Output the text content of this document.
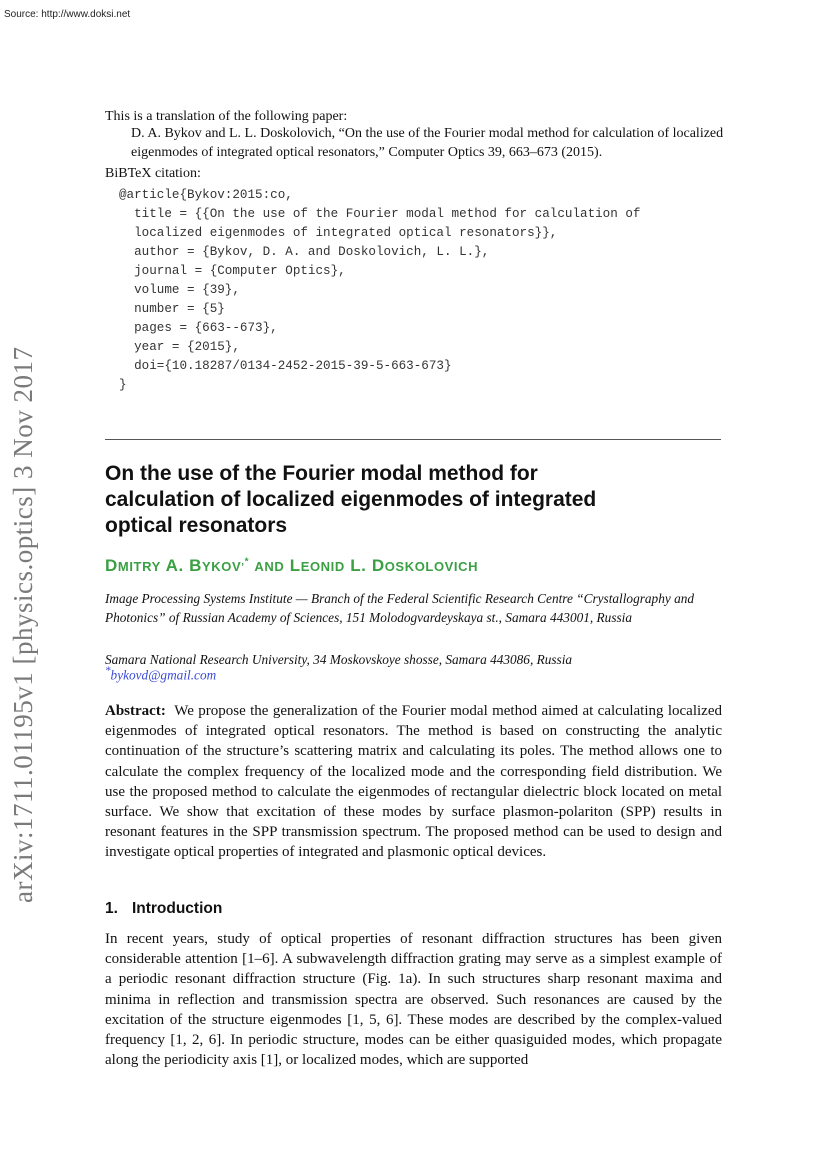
Source: http://www.doksi.net
arXiv:1711.01195v1 [physics.optics] 3 Nov 2017
This is a translation of the following paper:
D. A. Bykov and L. L. Doskolovich, “On the use of the Fourier modal method for calculation of localized eigenmodes of integrated optical resonators,” Computer Optics 39, 663–673 (2015).
BiBTeX citation:
@article{Bykov:2015:co,
title = {{On the use of the Fourier modal method for calculation of
localized eigenmodes of integrated optical resonators}},
author = {Bykov, D. A. and Doskolovich, L. L.},
journal = {Computer Optics},
volume = {39},
number = {5}
pages = {663--673},
year = {2015},
doi={10.18287/0134-2452-2015-39-5-663-673}
}
On the use of the Fourier modal method for calculation of localized eigenmodes of integrated optical resonators
DMITRY A. BYKOV,* AND LEONID L. DOSKOLOVICH
Image Processing Systems Institute — Branch of the Federal Scientific Research Centre “Crystallography and Photonics” of Russian Academy of Sciences, 151 Molodogvardeyskaya st., Samara 443001, Russia
Samara National Research University, 34 Moskovskoye shosse, Samara 443086, Russia
*bykovd@gmail.com
Abstract: We propose the generalization of the Fourier modal method aimed at calculating localized eigenmodes of integrated optical resonators. The method is based on constructing the analytic continuation of the structure’s scattering matrix and calculating its poles. The method allows one to calculate the complex frequency of the localized mode and the corresponding field distribution. We use the proposed method to calculate the eigenmodes of rectangular dielectric block located on metal surface. We show that excitation of these modes by surface plasmon-polariton (SPP) results in resonant features in the SPP transmission spectrum. The proposed method can be used to design and investigate optical properties of integrated and plasmonic optical devices.
1. Introduction
In recent years, study of optical properties of resonant diffraction structures has been given considerable attention [1–6]. A subwavelength diffraction grating may serve as a simplest example of a periodic resonant diffraction structure (Fig. 1a). In such structures sharp resonant maxima and minima in reflection and transmission spectra are observed. Such resonances are caused by the excitation of the structure eigenmodes [1, 5, 6]. These modes are described by the complex-valued frequency [1, 2, 6]. In periodic structure, modes can be either quasiguided modes, which propagate along the periodicity axis [1], or localized modes, which are supported
